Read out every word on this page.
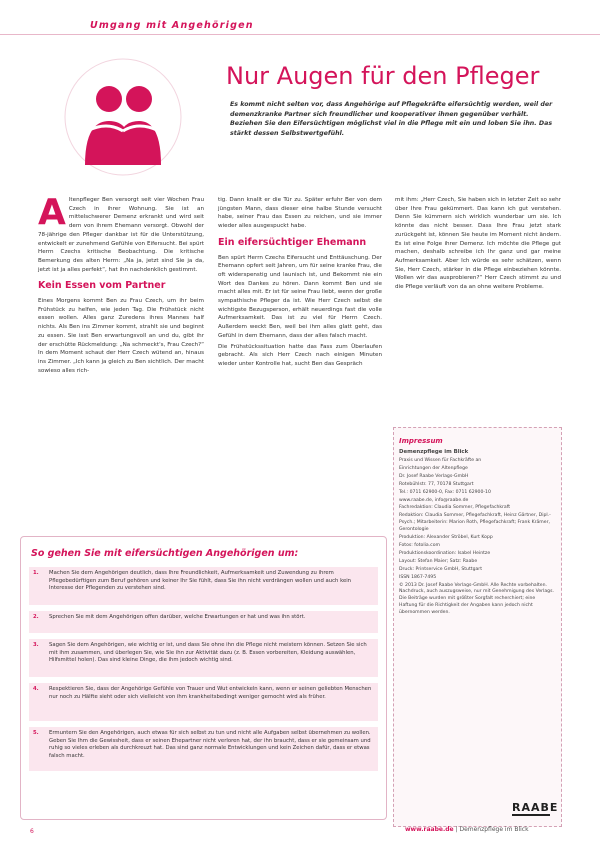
Umgang mit Angehörigen
Nur Augen für den Pfleger

Es kommt nicht selten vor, dass Angehörige auf Pflegekräfte eifersüchtig werden, weil der demenzkranke Partner sich freundlicher und kooperativer ihnen gegenüber verhält. Beziehen Sie den Eifersüchtigen möglichst viel in die Pflege mit ein und loben Sie ihn. Das stärkt dessen Selbstwertgefühl.

A ltenpfleger Ben versorgt seit vier Wochen Frau Czech in ihrer Wohnung. Sie ist an mittelschwerer Demenz erkrankt und wird seit dem von ihrem Ehemann versorgt. Obwohl der 78-jährige den Pfleger dankbar ist für die Unterstützung, entwickelt er zunehmend Gefühle von Eifersucht. Bei spürt Herrn Czechs kritische Beobachtung. Die kritische Bemerkung des alten Herrn: „Na ja, jetzt sind Sie ja da, jetzt ist ja alles perfekt“, hat ihn nachdenklich gestimmt.

Kein Essen vom Partner

Eines Morgens kommt Ben zu Frau Czech, um ihr beim Frühstück zu helfen, wie jeden Tag. Die Frühstück nicht essen wollen. Alles ganz Zuredens ihres Mannes half nichts. Als Ben ins Zimmer kommt, strahlt sie und beginnt zu essen. Sie isst Ben erwartungsvoll an und du, gibt ihr der erschütte Rückmeldung: „Na schmeckt's, Frau Czech?“ In dem Moment schaut der Herr Czech wütend an, hinaus ins Zimmer. „Ich kann ja gleich zu Ben sichtlich. Der macht sowieso alles rich-

tig. Dann knallt er die Tür zu. Später erfuhr Ber von dem jüngsten Mann, dass dieser eine halbe Stunde versucht habe, seiner Frau das Essen zu reichen, und sie immer wieder alles ausgespuckt habe.

Ein eifersüchtiger Ehemann

Ben spürt Herrn Czechs Eifersucht und Enttäuschung. Der Ehemann opfert seit Jahren, um für seine kranke Frau, die oft widerspenstig und launisch ist, und Bekommt nie ein Wort des Dankes zu hören. Dann kommt Ben und sie macht alles mit. Er ist für seine Frau liebt, wenn der große sympathische Pfleger da ist. Wie Herr Czech selbst die wichtigste Bezugsperson, erhält neuerdings fast die volle Aufmerksamkeit. Das ist zu viel für Herrn Czech. Außerdem weckt Ben, weil bei ihm alles glatt geht, das Gefühl in dem Ehemann, dass der alles falsch macht.

Die Frühstückssituation hatte das Fass zum Überlaufen gebracht. Als sich Herr Czech nach einigen Minuten wieder unter Kontrolle hat, sucht Ben das Gespräch

mit ihm: „Herr Czech, Sie haben sich in letzter Zeit so sehr über Ihre Frau gekümmert. Das kann ich gut verstehen. Denn Sie kümmern sich wirklich wunderbar um sie. Ich könnte das nicht besser. Dass Ihre Frau jetzt stark zurückgeht ist, können Sie heute im Moment nicht ändern. Es ist eine Folge ihrer Demenz. Ich möchte die Pflege gut machen, deshalb schreibe ich Ihr ganz und gar meine Aufmerksamkeit. Aber Ich würde es sehr schätzen, wenn Sie, Herr Czech, stärker in die Pflege einbeziehen könnte. Wollen wir das ausprobieren?“ Herr Czech stimmt zu und die Pflege verläuft von da an ohne weitere Probleme.

Impressum
Demenzpflege im Blick

Praxis und Wissen für Fachkräfte an

Einrichtungen der Altenpflege

Dr. Josef Raabe Verlags-GmbH

Rotebühlstr. 77, 70178 Stuttgart

Tel.: 0711 62900-0, Fax: 0711 62900-10

www.raabe.de, info@raabe.de

Fachredaktion: Claudia Sommer, Pflegefachkraft

Redaktion: Claudia Sommer, Pflegefachkraft, Heinz Gärtner, Dipl.-Psych.; Mitarbeiterin: Marion Roth, Pflegefachkraft; Frank Krämer, Gerontologie

Produktion: Alexander Ströbel, Kurt Kopp

Fotos: fotolia.com

Produktionskoordination: Isabel Heintze

Layout: Stefan Maier; Satz: Raabe

Druck: Printservice GmbH, Stuttgart

ISSN 1867-7495

© 2013 Dr. Josef Raabe Verlags-GmbH. Alle Rechte vorbehalten. Nachdruck, auch auszugsweise, nur mit Genehmigung des Verlags. Die Beiträge wurden mit größter Sorgfalt recherchiert; eine Haftung für die Richtigkeit der Angaben kann jedoch nicht übernommen werden.

RAABE
So gehen Sie mit eifersüchtigen Angehörigen um:
1. Machen Sie dem Angehörigen deutlich, dass Ihre Freundlichkeit, Aufmerksamkeit und Zuwendung zu ihrem Pflegebedürftigen zum Beruf gehören und keiner Ihr Sie fühlt, dass Sie ihn nicht verdrängen wollen und auch kein Interesse der Pflegenden zu verstehen sind.
2. Sprechen Sie mit dem Angehörigen offen darüber, welche Erwartungen er hat und was ihn stört.
3. Sagen Sie dem Angehörigen, wie wichtig er ist, und dass Sie ohne ihn die Pflege nicht meistern können. Setzen Sie sich mit ihm zusammen, und überlegen Sie, wie Sie ihn zur Aktivität dazu (z. B. Essen vorbereiten, Kleidung auswählen, Hilfsmittel holen). Das sind kleine Dinge, die ihm jedoch wichtig sind.
4. Respektieren Sie, dass der Angehörige Gefühle von Trauer und Wut entwickeln kann, wenn er seinen geliebten Menschen nur noch zu Hälfte sieht oder sich vielleicht von ihm krankheitsbedingt weniger gemocht wird als früher.
5. Ermuntern Sie den Angehörigen, auch etwas für sich selbst zu tun und nicht alle Aufgaben selbst übernehmen zu wollen. Geben Sie Ihm die Gewissheit, dass er seinen Ehepartner nicht verloren hat, der ihn braucht, dass er sie gemeinsam und ruhig so vieles erleben als durchkreuzt hat. Das sind ganz normale Entwicklungen und kein Zeichen dafür, dass er etwas falsch macht.
6	www.raabe.de | Demenzpflege im Blick
